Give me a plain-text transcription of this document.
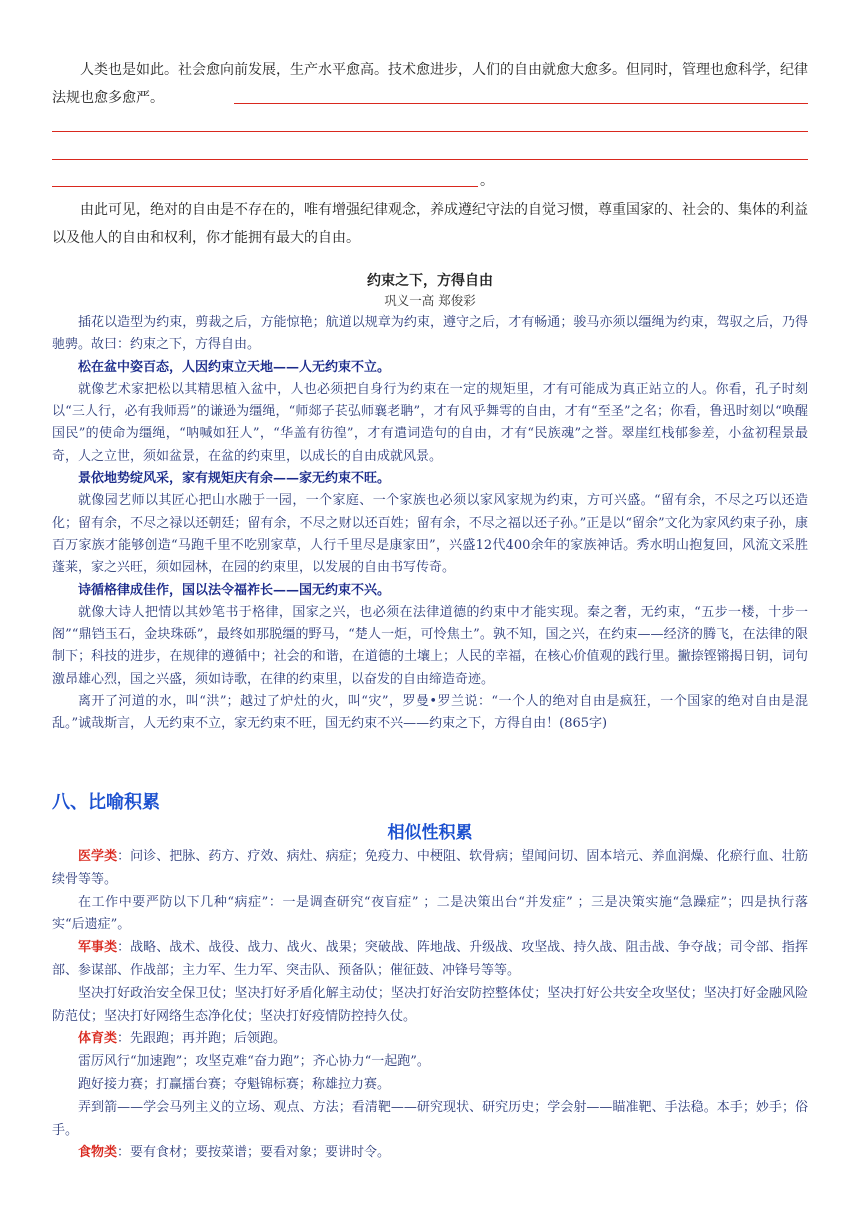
人类也是如此。社会愈向前发展，生产水平愈高。技术愈进步，人们的自由就愈大愈多。但同时，管理也愈科学，纪律法规也愈多愈严。

。

由此可见，绝对的自由是不存在的，唯有增强纪律观念，养成遵纪守法的自觉习惯，尊重国家的、社会的、集体的利益以及他人的自由和权利，你才能拥有最大的自由。

约束之下，方得自由

巩义一高 郑俊彩

插花以造型为约束，剪裁之后，方能惊艳；航道以规章为约束，遵守之后，才有畅通；骏马亦须以缰绳为约束，驾驭之后，乃得驰骋。故曰：约束之下，方得自由。

松在盆中姿百态，人因约束立天地——人无约束不立。

就像艺术家把松以其精思植入盆中，人也必须把自身行为约束在一定的规矩里，才有可能成为真正站立的人。你看，孔子时刻以“三人行，必有我师焉”的谦逊为缰绳，“师郯子苌弘师襄老聃”，才有风乎舞雩的自由，才有“至圣”之名；你看，鲁迅时刻以“唤醒国民”的使命为缰绳，“呐喊如狂人”，“华盖有彷徨”，才有遣词造句的自由，才有“民族魂”之誉。翠崖红栈郁参差，小盆初程景最奇，人之立世，须如盆景，在盆的约束里，以成长的自由成就风景。

景依地势绽风采，家有规矩庆有余——家无约束不旺。

就像园艺师以其匠心把山水融于一园，一个家庭、一个家族也必须以家风家规为约束，方可兴盛。“留有余，不尽之巧以还造化；留有余，不尽之禄以还朝廷；留有余，不尽之财以还百姓；留有余，不尽之福以还子孙。”正是以“留余”文化为家风约束子孙，康百万家族才能够创造“马跑千里不吃别家草，人行千里尽是康家田”，兴盛12代400余年的家族神话。秀水明山抱复回，风流文采胜蓬莱，家之兴旺，须如园林，在园的约束里，以发展的自由书写传奇。

诗循格律成佳作，国以法令福祚长——国无约束不兴。

就像大诗人把情以其妙笔书于格律，国家之兴，也必须在法律道德的约束中才能实现。秦之奢，无约束，“五步一楼，十步一阁”“鼎铛玉石，金块珠砾”，最终如那脱缰的野马，“楚人一炬，可怜焦土”。孰不知，国之兴，在约束——经济的腾飞，在法律的限制下；科技的进步，在规律的遵循中；社会的和谐，在道德的土壤上；人民的幸福，在核心价值观的践行里。撇捺铿锵揭日钥，词句激昂雄心烈，国之兴盛，须如诗歌，在律的约束里，以奋发的自由缔造奇迹。

离开了河道的水，叫“洪”；越过了炉灶的火，叫“灾”，罗曼•罗兰说：“一个人的绝对自由是疯狂，一个国家的绝对自由是混乱。”诚哉斯言，人无约束不立，家无约束不旺，国无约束不兴——约束之下，方得自由！(865字)

八、比喻积累

相似性积累

医学类：问诊、把脉、药方、疗效、病灶、病症；免疫力、中梗阻、软骨病；望闻问切、固本培元、养血润燥、化瘀行血、壮筋续骨等等。

在工作中要严防以下几种“病症”：一是调查研究“夜盲症” ；二是决策出台“并发症” ；三是决策实施“急躁症”；四是执行落实“后遗症”。

军事类：战略、战术、战役、战力、战火、战果；突破战、阵地战、升级战、攻坚战、持久战、阻击战、争夺战；司令部、指挥部、参谋部、作战部；主力军、生力军、突击队、预备队；催征鼓、冲锋号等等。

坚决打好政治安全保卫仗；坚决打好矛盾化解主动仗；坚决打好治安防控整体仗；坚决打好公共安全攻坚仗；坚决打好金融风险防范仗；坚决打好网络生态净化仗；坚决打好疫情防控持久仗。

体育类：先跟跑；再并跑；后领跑。

雷厉风行“加速跑”；攻坚克难“奋力跑”；齐心协力“一起跑”。

跑好接力赛；打赢擂台赛；夺魁锦标赛；称雄拉力赛。

弄到箭——学会马列主义的立场、观点、方法；看清靶——研究现状、研究历史；学会射——瞄准靶、手法稳。本手；妙手；俗手。

食物类：要有食材；要按菜谱；要看对象；要讲时令。
